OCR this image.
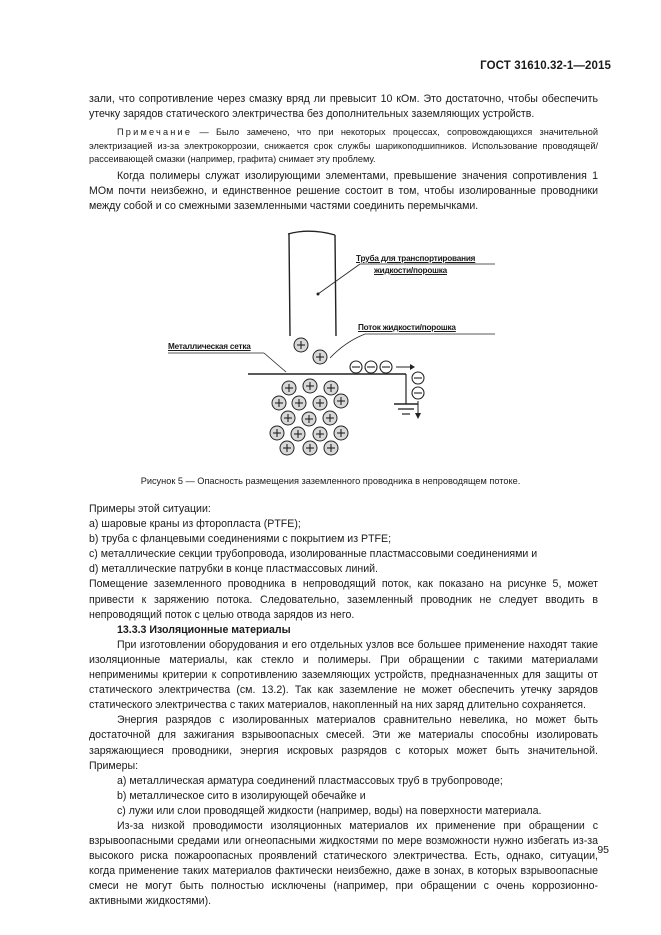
ГОСТ 31610.32-1—2015

зали, что сопротивление через смазку вряд ли превысит 10 кОм. Это достаточно, чтобы обеспечить утечку зарядов статического электричества без дополнительных заземляющих устройств.

Примечание — Было замечено, что при некоторых процессах, сопровождающихся значительной электризацией из-за электрокоррозии, снижается срок службы шарикоподшипников. Использование проводящей/рассеивающей смазки (например, графита) снимает эту проблему.

Когда полимеры служат изолирующими элементами, превышение значения сопротивления 1 МОм почти неизбежно, и единственное решение состоит в том, чтобы изолированные проводники между собой и со смежными заземленными частями соединить перемычками.

Труба для транспортирования
жидкости/порошка
Поток жидкости/порошка
Металлическая сетка
Рисунок 5 — Опасность размещения заземленного проводника в непроводящем потоке.

Примеры этой ситуации:

a) шаровые краны из фторопласта (PTFE);

b) труба с фланцевыми соединениями с покрытием из PTFE;

c) металлические секции трубопровода, изолированные пластмассовыми соединениями и

d) металлические патрубки в конце пластмассовых линий.

Помещение заземленного проводника в непроводящий поток, как показано на рисунке 5, может привести к заряжению потока. Следовательно, заземленный проводник не следует вводить в непроводящий поток с целью отвода зарядов из него.

13.3.3 Изоляционные материалы

При изготовлении оборудования и его отдельных узлов все большее применение находят такие изоляционные материалы, как стекло и полимеры. При обращении с такими материалами неприменимы критерии к сопротивлению заземляющих устройств, предназначенных для защиты от статического электричества (см. 13.2). Так как заземление не может обеспечить утечку зарядов статического электричества с таких материалов, накопленный на них заряд длительно сохраняется.

Энергия разрядов с изолированных материалов сравнительно невелика, но может быть достаточной для зажигания взрывоопасных смесей. Эти же материалы способны изолировать заряжающиеся проводники, энергия искровых разрядов с которых может быть значительной. Примеры:

a) металлическая арматура соединений пластмассовых труб в трубопроводе;

b) металлическое сито в изолирующей обечайке и

c) лужи или слои проводящей жидкости (например, воды) на поверхности материала.

Из-за низкой проводимости изоляционных материалов их применение при обращении с взрывоопасными средами или огнеопасными жидкостями по мере возможности нужно избегать из-за высокого риска пожароопасных проявлений статического электричества. Есть, однако, ситуации, когда применение таких материалов фактически неизбежно, даже в зонах, в которых взрывоопасные смеси не могут быть полностью исключены (например, при обращении с очень коррозионно-активными жидкостями).

95
